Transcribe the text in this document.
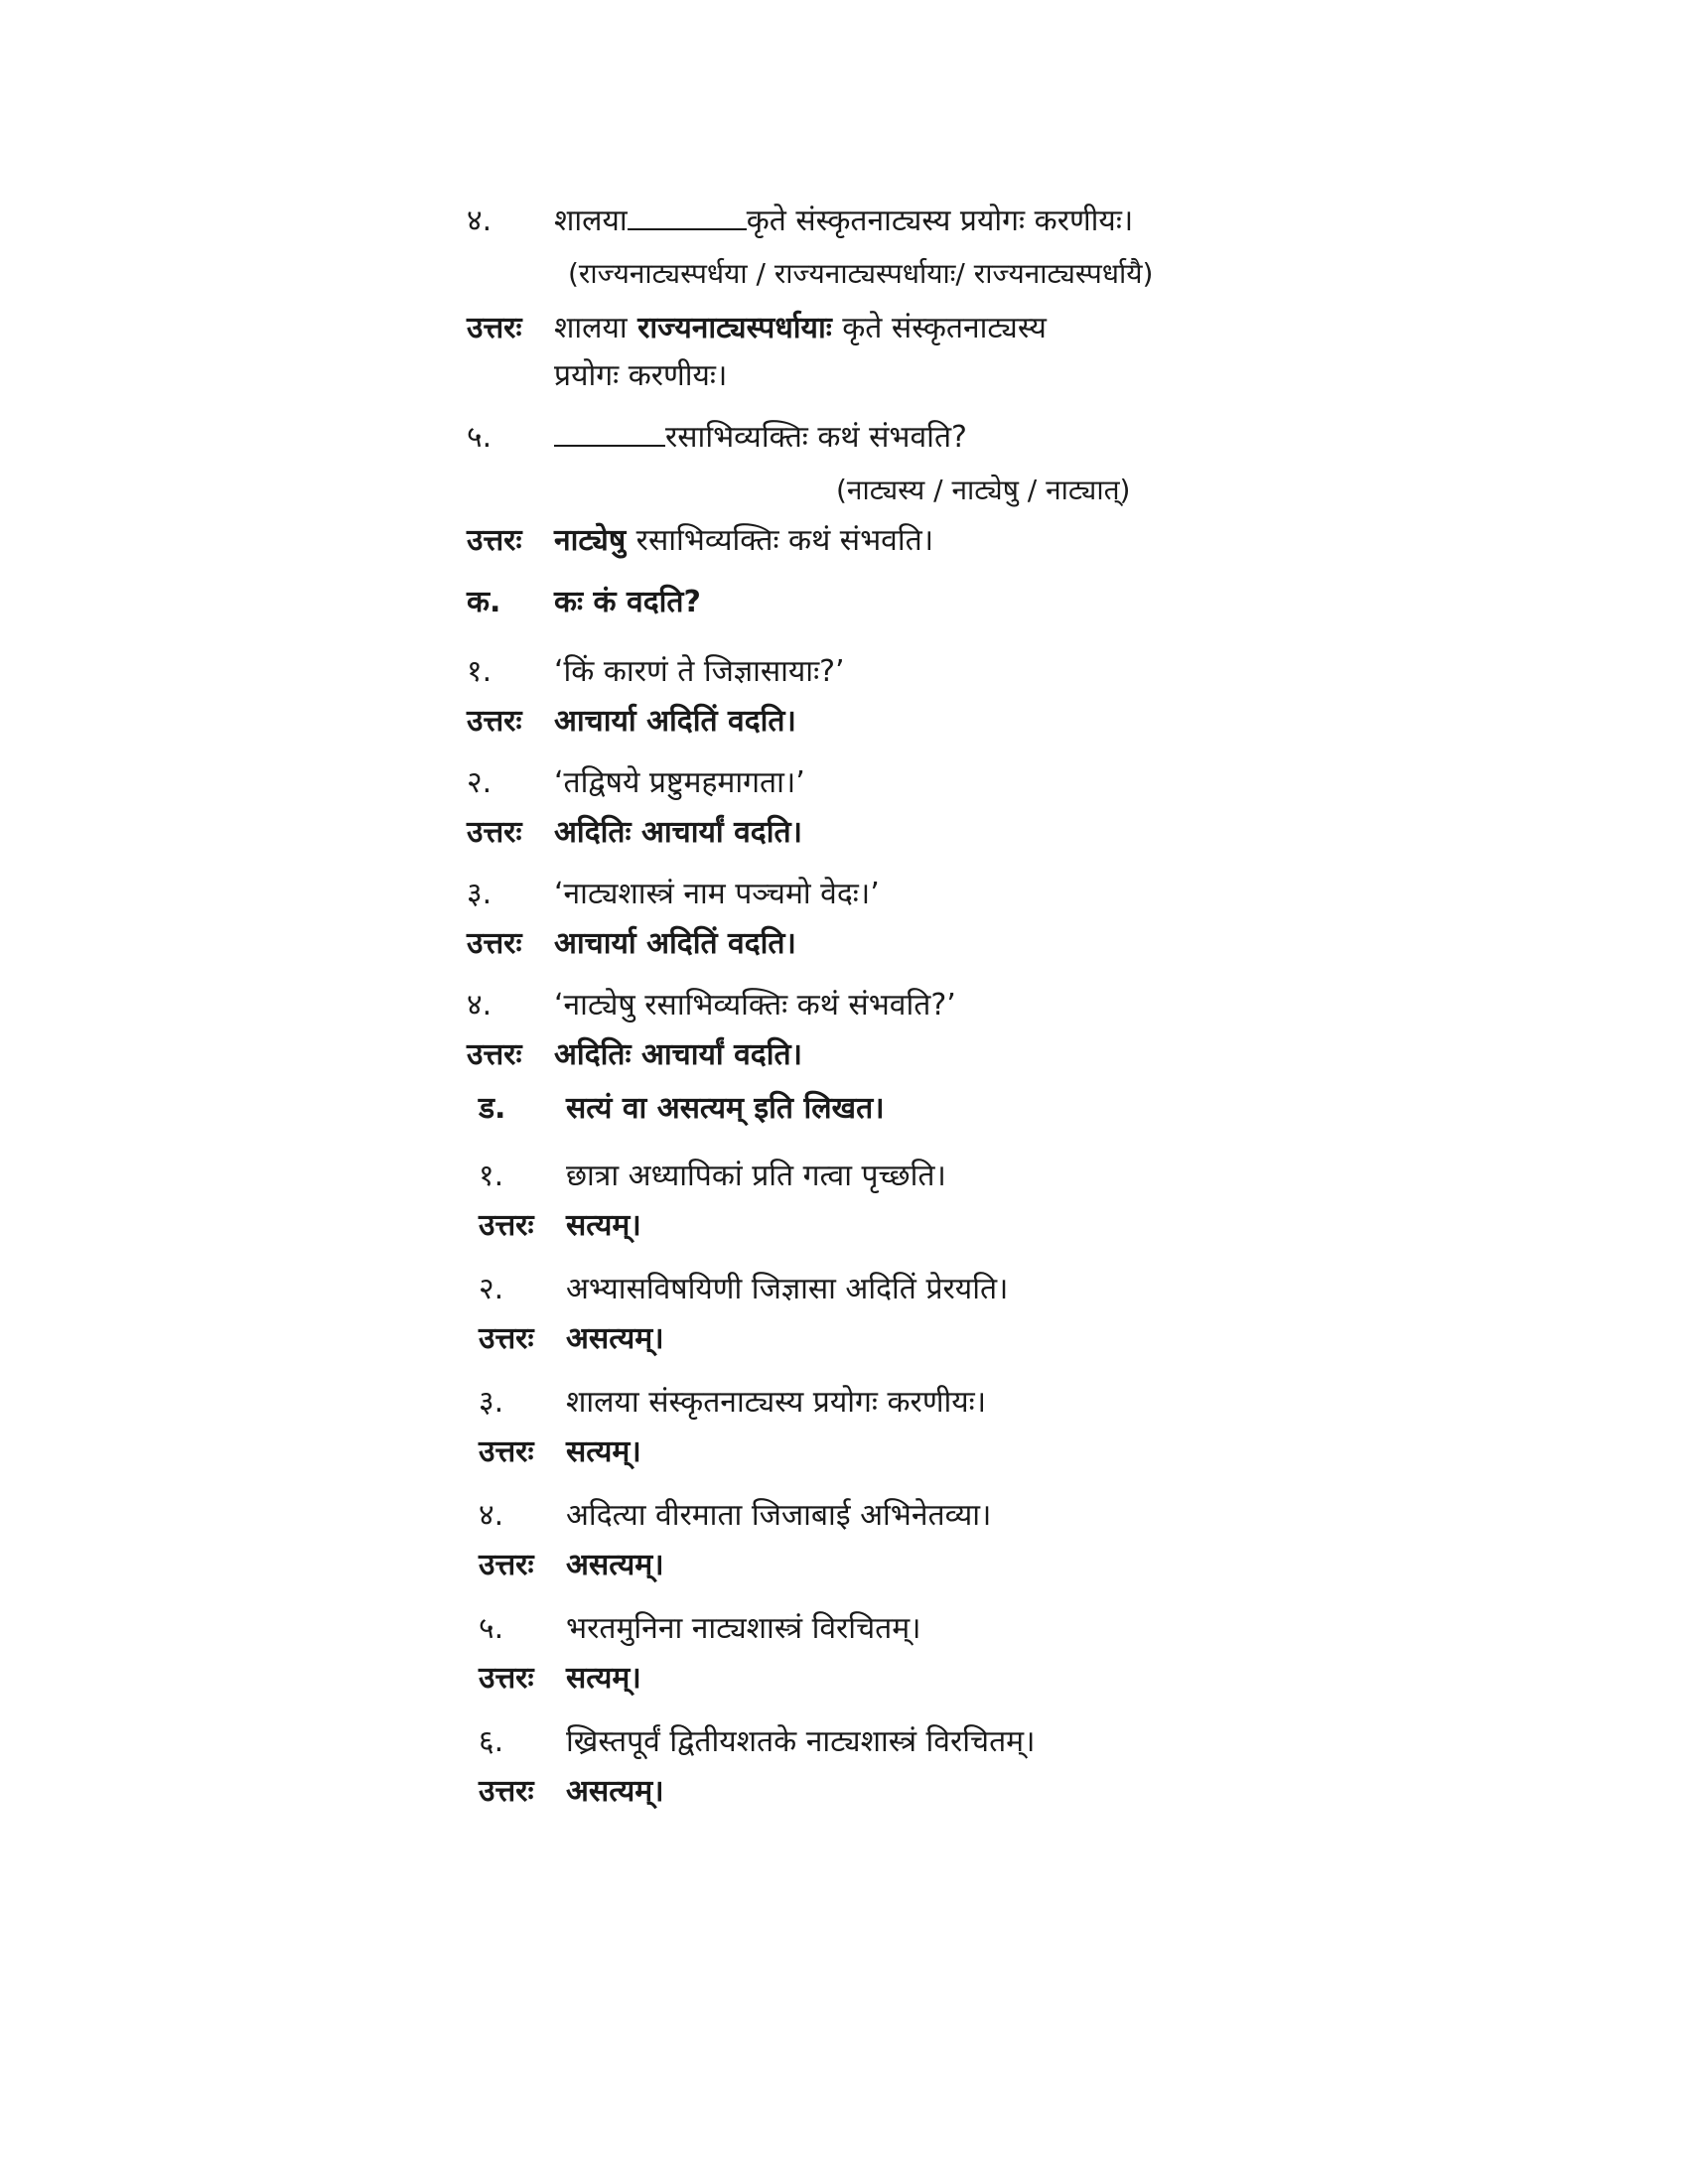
४.	शालया	कृते संस्कृतनाट्यस्य प्रयोगः करणीयः।
(राज्यनाट्यस्पर्धया / राज्यनाट्यस्पर्धायाः/ राज्यनाट्यस्पर्धायै)
उत्तरः शालया राज्यनाट्यस्पर्धायाः कृते संस्कृतनाट्यस्य
प्रयोगः करणीयः।
५.	रसाभिव्यक्तिः कथं संभवति?
(नाट्यस्य / नाट्येषु / नाट्यात्)
उत्तरः नाट्येषु रसाभिव्यक्तिः कथं संभवति।
क.	कः कं वदति?
१.	‘किं कारणं ते जिज्ञासायाः?’
उत्तरः आचार्या अदितिं वदति।
२.	‘तद्विषये प्रष्टुमहमागता।’
उत्तरः अदितिः आचार्यां वदति।
३.	‘नाट्यशास्त्रं नाम पञ्चमो वेदः।’
उत्तरः आचार्या अदितिं वदति।
४.	‘नाट्येषु रसाभिव्यक्तिः कथं संभवति?’
उत्तरः अदितिः आचार्यां वदति।
ड.	सत्यं वा असत्यम् इति लिखत।
१.	छात्रा अध्यापिकां प्रति गत्वा पृच्छति।
उत्तरः सत्यम्।
२.	अभ्यासविषयिणी जिज्ञासा अदितिं प्रेरयति।
उत्तरः असत्यम्।
३.	शालया संस्कृतनाट्यस्य प्रयोगः करणीयः।
उत्तरः सत्यम्।
४.	अदित्या वीरमाता जिजाबाई अभिनेतव्या।
उत्तरः असत्यम्।
५.	भरतमुनिना नाट्यशास्त्रं विरचितम्।
उत्तरः सत्यम्।
६.	ख्रिस्तपूर्वं द्वितीयशतके नाट्यशास्त्रं विरचितम्।
उत्तरः असत्यम्।
